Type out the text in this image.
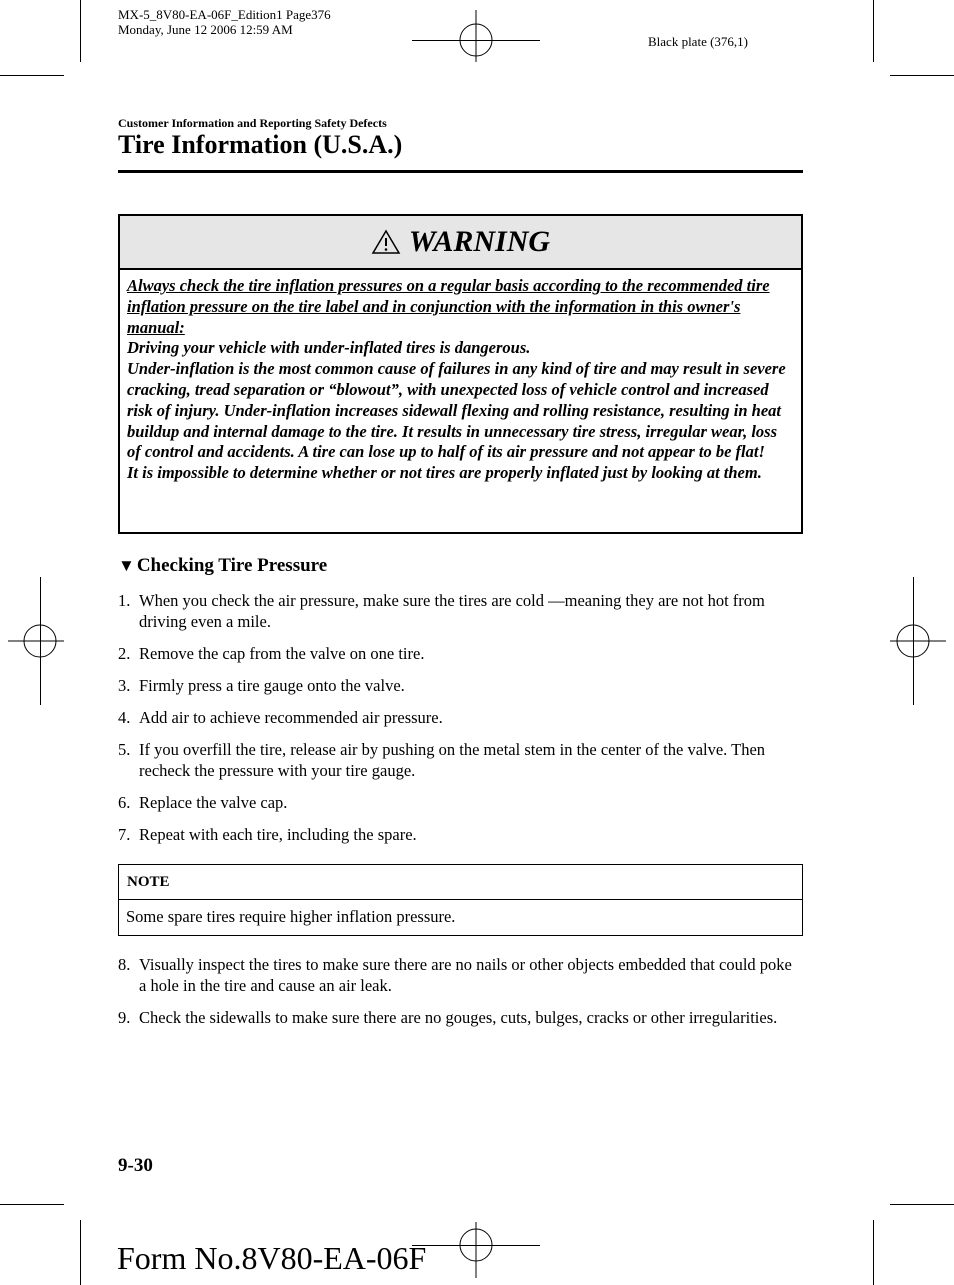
MX-5_8V80-EA-06F_Edition1 Page376
Monday, June 12 2006 12:59 AM
Black plate (376,1)
Customer Information and Reporting Safety Defects
Tire Information (U.S.A.)
WARNING

Always check the tire inflation pressures on a regular basis according to the recommended tire inflation pressure on the tire label and in conjunction with the information in this owner's manual:

Driving your vehicle with under-inflated tires is dangerous.

Under-inflation is the most common cause of failures in any kind of tire and may result in severe cracking, tread separation or “blowout”, with unexpected loss of vehicle control and increased risk of injury. Under-inflation increases sidewall flexing and rolling resistance, resulting in heat buildup and internal damage to the tire. It results in unnecessary tire stress, irregular wear, loss of control and accidents. A tire can lose up to half of its air pressure and not appear to be flat!

It is impossible to determine whether or not tires are properly inflated just by looking at them.

▼ Checking Tire Pressure
1. When you check the air pressure, make sure the tires are cold —meaning they are not hot from driving even a mile.
2. Remove the cap from the valve on one tire.
3. Firmly press a tire gauge onto the valve.
4. Add air to achieve recommended air pressure.
5. If you overfill the tire, release air by pushing on the metal stem in the center of the valve. Then recheck the pressure with your tire gauge.
6. Replace the valve cap.
7. Repeat with each tire, including the spare.
NOTE
Some spare tires require higher inflation pressure.
8. Visually inspect the tires to make sure there are no nails or other objects embedded that could poke a hole in the tire and cause an air leak.
9. Check the sidewalls to make sure there are no gouges, cuts, bulges, cracks or other irregularities.
9-30
Form No.8V80-EA-06F
